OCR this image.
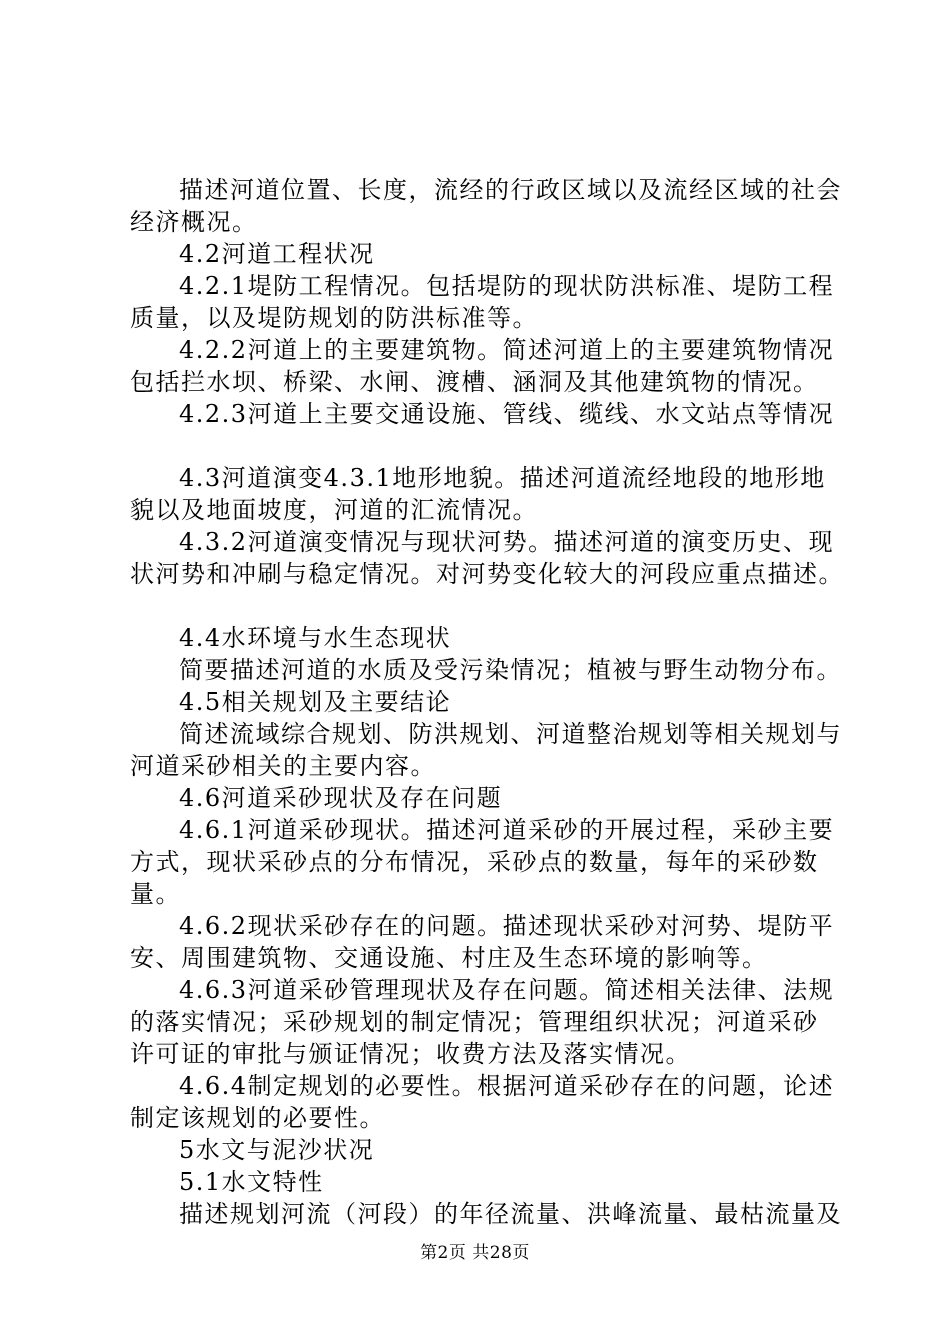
描述河道位置、长度，流经的行政区域以及流经区域的社会

经济概况。

4.2河道工程状况

4.2.1堤防工程情况。包括堤防的现状防洪标准、堤防工程

质量，以及堤防规划的防洪标准等。

4.2.2河道上的主要建筑物。简述河道上的主要建筑物情况

包括拦水坝、桥梁、水闸、渡槽、涵洞及其他建筑物的情况。

4.2.3河道上主要交通设施、管线、缆线、水文站点等情况

4.3河道演变4.3.1地形地貌。描述河道流经地段的地形地

貌以及地面坡度，河道的汇流情况。

4.3.2河道演变情况与现状河势。描述河道的演变历史、现

状河势和冲刷与稳定情况。对河势变化较大的河段应重点描述。

4.4水环境与水生态现状

简要描述河道的水质及受污染情况；植被与野生动物分布。

4.5相关规划及主要结论

简述流域综合规划、防洪规划、河道整治规划等相关规划与

河道采砂相关的主要内容。

4.6河道采砂现状及存在问题

4.6.1河道采砂现状。描述河道采砂的开展过程，采砂主要

方式，现状采砂点的分布情况，采砂点的数量，每年的采砂数

量。

4.6.2现状采砂存在的问题。描述现状采砂对河势、堤防平

安、周围建筑物、交通设施、村庄及生态环境的影响等。

4.6.3河道采砂管理现状及存在问题。简述相关法律、法规

的落实情况；采砂规划的制定情况；管理组织状况；河道采砂

许可证的审批与颁证情况；收费方法及落实情况。

4.6.4制定规划的必要性。根据河道采砂存在的问题，论述

制定该规划的必要性。

5水文与泥沙状况

5.1水文特性

描述规划河流（河段）的年径流量、洪峰流量、最枯流量及

第2页 共28页
